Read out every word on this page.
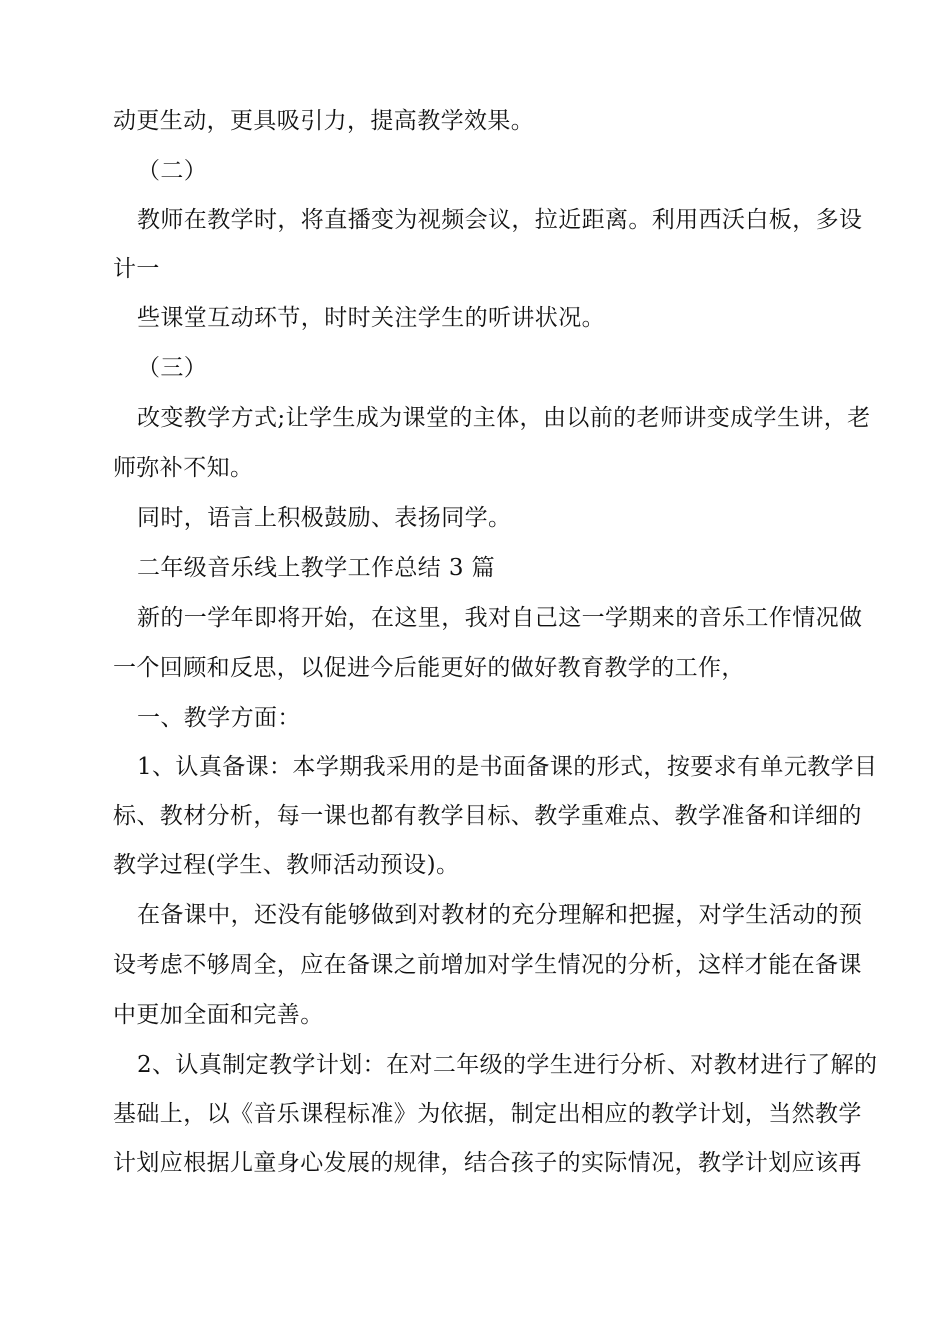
动更生动，更具吸引力，提高教学效果。
（二）
教师在教学时，将直播变为视频会议，拉近距离。利用西沃白板，多设
计一
些课堂互动环节，时时关注学生的听讲状况。
（三）
改变教学方式;让学生成为课堂的主体，由以前的老师讲变成学生讲，老
师弥补不知。
同时，语言上积极鼓励、表扬同学。
二年级音乐线上教学工作总结 3 篇
新的一学年即将开始，在这里，我对自己这一学期来的音乐工作情况做
一个回顾和反思，以促进今后能更好的做好教育教学的工作，
一、教学方面：
1、认真备课：本学期我采用的是书面备课的形式，按要求有单元教学目
标、教材分析，每一课也都有教学目标、教学重难点、教学准备和详细的
教学过程(学生、教师活动预设)。
在备课中，还没有能够做到对教材的充分理解和把握，对学生活动的预
设考虑不够周全，应在备课之前增加对学生情况的分析，这样才能在备课
中更加全面和完善。
2、认真制定教学计划：在对二年级的学生进行分析、对教材进行了解的
基础上，以《音乐课程标准》为依据，制定出相应的教学计划，当然教学
计划应根据儿童身心发展的规律，结合孩子的实际情况，教学计划应该再
